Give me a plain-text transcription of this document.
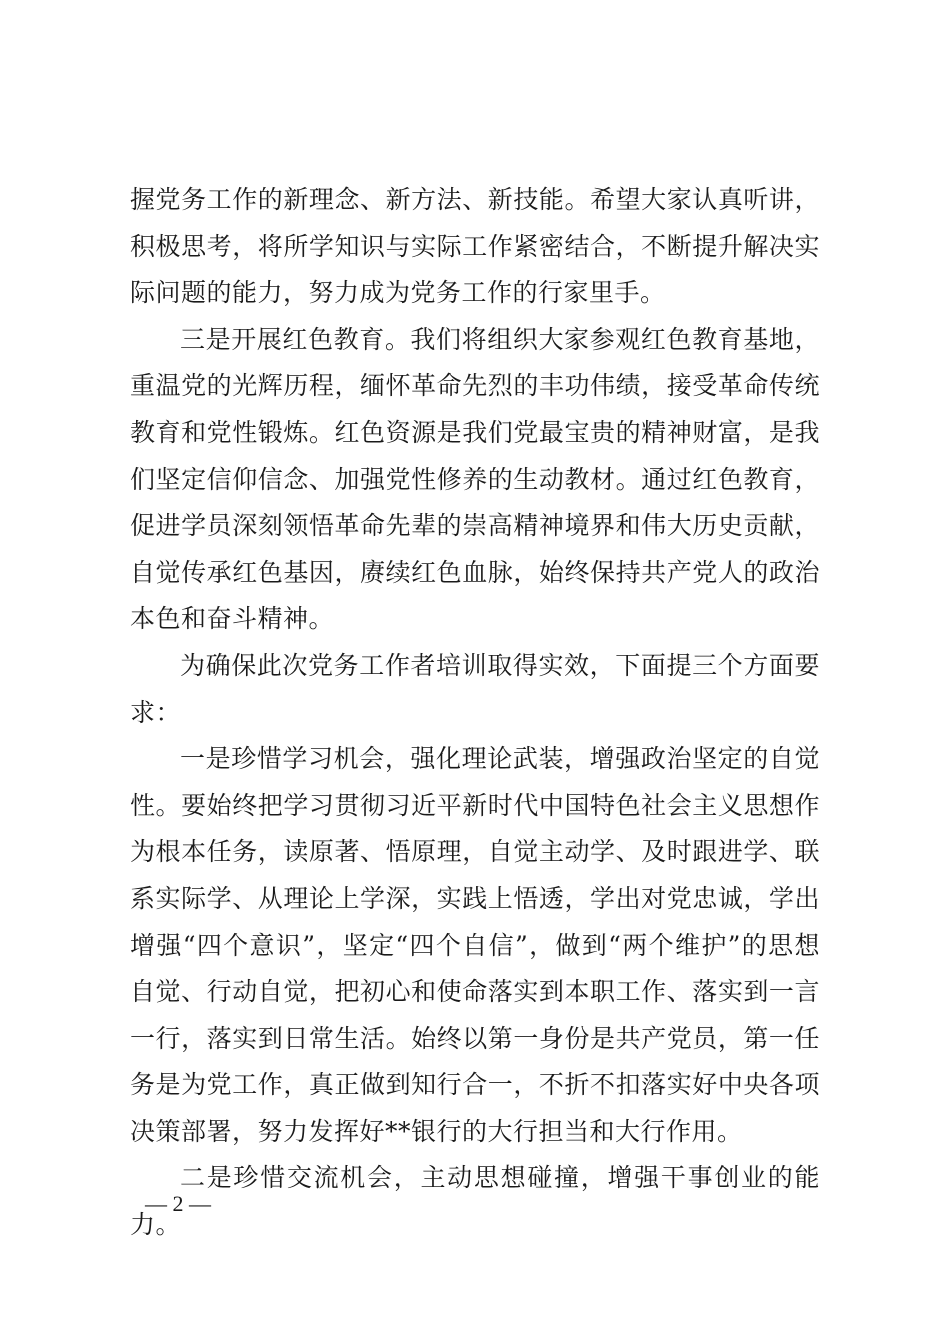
握党务工作的新理念、新方法、新技能。希望大家认真听讲，积极思考，将所学知识与实际工作紧密结合，不断提升解决实际问题的能力，努力成为党务工作的行家里手。

三是开展红色教育。我们将组织大家参观红色教育基地，重温党的光辉历程，缅怀革命先烈的丰功伟绩，接受革命传统教育和党性锻炼。红色资源是我们党最宝贵的精神财富，是我们坚定信仰信念、加强党性修养的生动教材。通过红色教育，促进学员深刻领悟革命先辈的崇高精神境界和伟大历史贡献，自觉传承红色基因，赓续红色血脉，始终保持共产党人的政治本色和奋斗精神。

为确保此次党务工作者培训取得实效，下面提三个方面要求：

一是珍惜学习机会，强化理论武装，增强政治坚定的自觉性。要始终把学习贯彻习近平新时代中国特色社会主义思想作为根本任务，读原著、悟原理，自觉主动学、及时跟进学、联系实际学、从理论上学深，实践上悟透，学出对党忠诚，学出增强“四个意识”，坚定“四个自信”，做到“两个维护”的思想自觉、行动自觉，把初心和使命落实到本职工作、落实到一言一行，落实到日常生活。始终以第一身份是共产党员，第一任务是为党工作，真正做到知行合一，不折不扣落实好中央各项决策部署，努力发挥好**银行的大行担当和大行作用。

二是珍惜交流机会，主动思想碰撞，增强干事创业的能力。

— 2 —
